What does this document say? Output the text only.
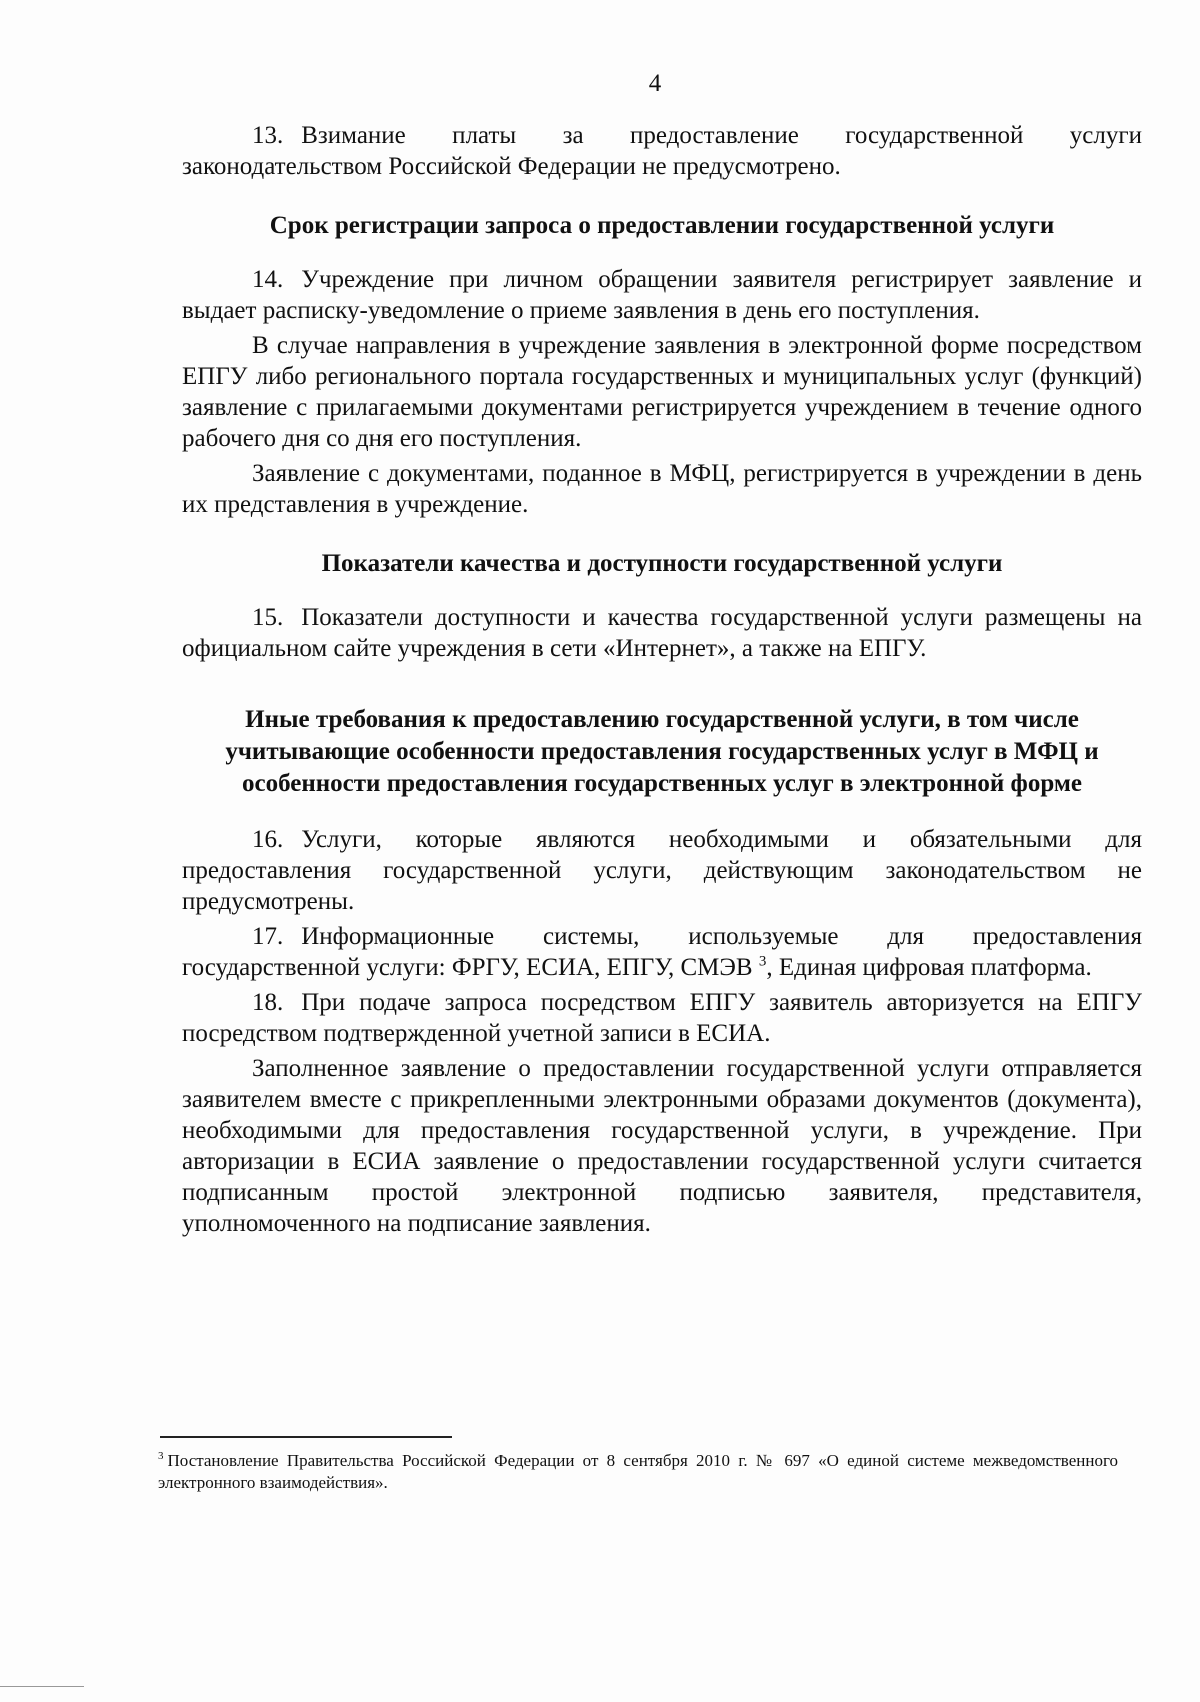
4

13. Взимание платы за предоставление государственной услуги законодательством Российской Федерации не предусмотрено.

Срок регистрации запроса о предоставлении государственной услуги

14. Учреждение при личном обращении заявителя регистрирует заявление и выдает расписку-уведомление о приеме заявления в день его поступления.

В случае направления в учреждение заявления в электронной форме посредством ЕПГУ либо регионального портала государственных и муниципальных услуг (функций) заявление с прилагаемыми документами регистрируется учреждением в течение одного рабочего дня со дня его поступления.

Заявление с документами, поданное в МФЦ, регистрируется в учреждении в день их представления в учреждение.

Показатели качества и доступности государственной услуги

15. Показатели доступности и качества государственной услуги размещены на официальном сайте учреждения в сети «Интернет», а также на ЕПГУ.

Иные требования к предоставлению государственной услуги, в том числе учитывающие особенности предоставления государственных услуг в МФЦ и особенности предоставления государственных услуг в электронной форме

16. Услуги, которые являются необходимыми и обязательными для предоставления государственной услуги, действующим законодательством не предусмотрены.

17. Информационные системы, используемые для предоставления государственной услуги: ФРГУ, ЕСИА, ЕПГУ, СМЭВ $^3$, Единая цифровая платформа.

18. При подаче запроса посредством ЕПГУ заявитель авторизуется на ЕПГУ посредством подтвержденной учетной записи в ЕСИА.

Заполненное заявление о предоставлении государственной услуги отправляется заявителем вместе с прикрепленными электронными образами документов (документа), необходимыми для предоставления государственной услуги, в учреждение. При авторизации в ЕСИА заявление о предоставлении государственной услуги считается подписанным простой электронной подписью заявителя, представителя, уполномоченного на подписание заявления.

$^3$ Постановление Правительства Российской Федерации от 8 сентября 2010 г. № 697 «О единой системе межведомственного электронного взаимодействия».
